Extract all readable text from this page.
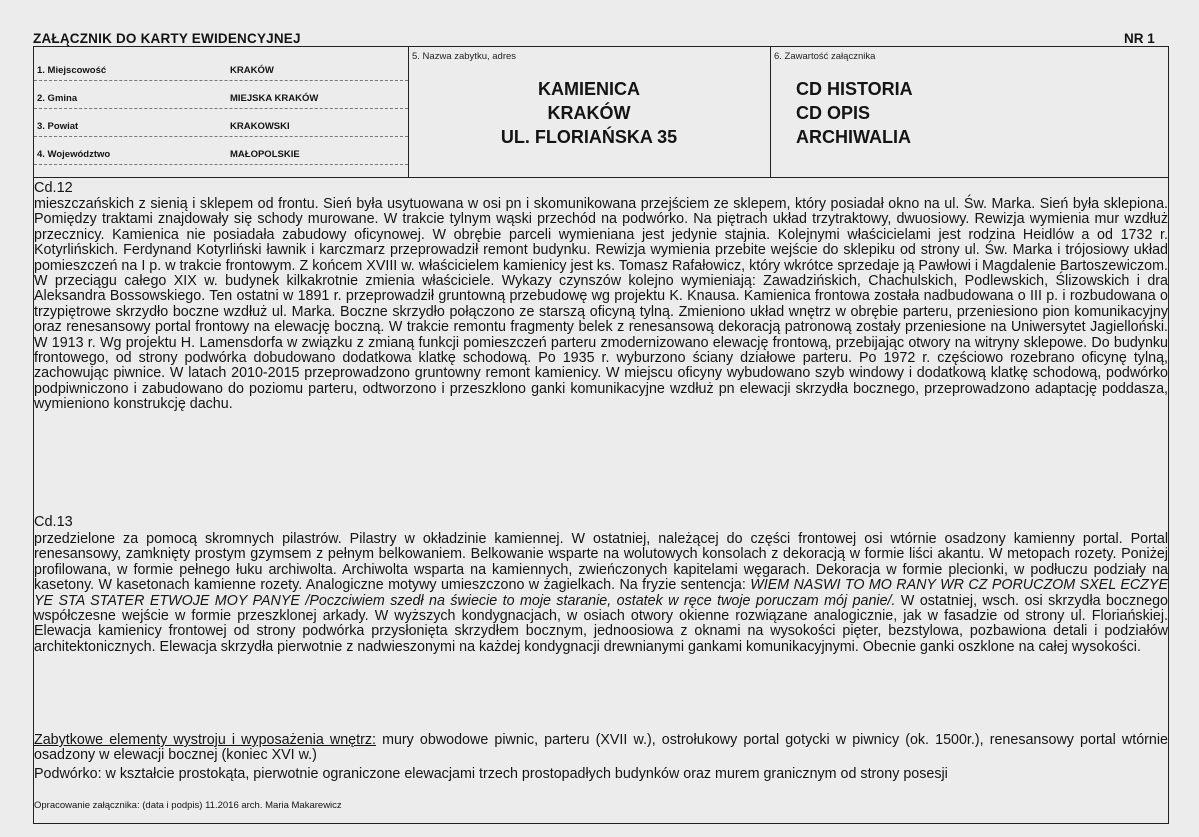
ZAŁĄCZNIK DO KARTY EWIDENCYJNEJ	NR 1
1. Miejscowość	KRAKÓW
2. Gmina	MIEJSKA KRAKÓW
3. Powiat	KRAKOWSKI
4. Województwo	MAŁOPOLSKIE
5. Nazwa zabytku, adres
KAMIENICA
KRAKÓW
UL. FLORIAŃSKA 35
6. Zawartość załącznika
CD HISTORIA
CD OPIS
ARCHIWALIA
Cd.12
mieszczańskich z sienią i sklepem od frontu. Sień była usytuowana w osi pn i skomunikowana przejściem ze sklepem, który posiadał okno na ul. Św. Marka. Sień była sklepiona. Pomiędzy traktami znajdowały się schody murowane. W trakcie tylnym wąski przechód na podwórko. Na piętrach układ trzytraktowy, dwuosiowy. Rewizja wymienia mur wzdłuż przecznicy. Kamienica nie posiadała zabudowy oficynowej. W obrębie parceli wymieniana jest jedynie stajnia. Kolejnymi właścicielami jest rodzina Heidlów a od 1732 r. Kotyrlińskich. Ferdynand Kotyrliński ławnik i karczmarz przeprowadził remont budynku. Rewizja wymienia przebite wejście do sklepiku od strony ul. Św. Marka i trójosiowy układ pomieszczeń na I p. w trakcie frontowym. Z końcem XVIII w. właścicielem kamienicy jest ks. Tomasz Rafałowicz, który wkrótce sprzedaje ją Pawłowi i Magdalenie Bartoszewiczom. W przeciągu całego XIX w. budynek kilkakrotnie zmienia właściciele. Wykazy czynszów kolejno wymieniają: Zawadzińskich, Chachulskich, Podlewskich, Ślizowskich i dra Aleksandra Bossowskiego. Ten ostatni w 1891 r. przeprowadził gruntowną przebudowę wg projektu K. Knausa. Kamienica frontowa została nadbudowana o III p. i rozbudowana o trzypiętrowe skrzydło boczne wzdłuż ul. Marka. Boczne skrzydło połączono ze starszą oficyną tylną. Zmieniono układ wnętrz w obrębie parteru, przeniesiono pion komunikacyjny oraz renesansowy portal frontowy na elewację boczną. W trakcie remontu fragmenty belek z renesansową dekoracją patronową zostały przeniesione na Uniwersytet Jagielloński. W 1913 r. Wg projektu H. Lamensdorfa w związku z zmianą funkcji pomieszczeń parteru zmodernizowano elewację frontową, przebijając otwory na witryny sklepowe. Do budynku frontowego, od strony podwórka dobudowano dodatkowa klatkę schodową. Po 1935 r. wyburzono ściany działowe parteru. Po 1972 r. częściowo rozebrano oficynę tylną, zachowując piwnice. W latach 2010-2015 przeprowadzono gruntowny remont kamienicy. W miejscu oficyny wybudowano szyb windowy i dodatkową klatkę schodową, podwórko podpiwniczono i zabudowano do poziomu parteru, odtworzono i przeszklono ganki komunikacyjne wzdłuż pn elewacji skrzydła bocznego, przeprowadzono adaptację poddasza, wymieniono konstrukcję dachu.
Cd.13
przedzielone za pomocą skromnych pilastrów. Pilastry w okładzinie kamiennej. W ostatniej, należącej do części frontowej osi wtórnie osadzony kamienny portal. Portal renesansowy, zamknięty prostym gzymsem z pełnym belkowaniem. Belkowanie wsparte na wolutowych konsolach z dekoracją w formie liści akantu. W metopach rozety. Poniżej profilowana, w formie pełnego łuku archiwolta. Archiwolta wsparta na kamiennych, zwieńczonych kapitelami węgarach. Dekoracja w formie plecionki, w podłuczu podziały na kasetony. W kasetonach kamienne rozety. Analogiczne motywy umieszczono w żagielkach. Na fryzie sentencja: WIEM NASWI TO MO RANY WR CZ PORUCZOM SXEL ECZYE YE STA STATER ETWOJE MOY PANYE /Poczciwiem szedł na świecie to moje staranie, ostatek w ręce twoje poruczam mój panie/. W ostatniej, wsch. osi skrzydła bocznego współczesne wejście w formie przeszklonej arkady. W wyższych kondygnacjach, w osiach otwory okienne rozwiązane analogicznie, jak w fasadzie od strony ul. Floriańskiej. Elewacja kamienicy frontowej od strony podwórka przysłonięta skrzydłem bocznym, jednoosiowa z oknami na wysokości pięter, bezstylowa, pozbawiona detali i podziałów architektonicznych. Elewacja skrzydła pierwotnie z nadwieszonymi na każdej kondygnacji drewnianymi gankami komunikacyjnymi. Obecnie ganki oszklone na całej wysokości.
Zabytkowe elementy wystroju i wyposażenia wnętrz: mury obwodowe piwnic, parteru (XVII w.), ostrołukowy portal gotycki w piwnicy (ok. 1500r.), renesansowy portal wtórnie osadzony w elewacji bocznej (koniec XVI w.)
Podwórko: w kształcie prostokąta, pierwotnie ograniczone elewacjami trzech prostopadłych budynków oraz murem granicznym od strony posesji
Opracowanie załącznika: (data i podpis) 11.2016 arch. Maria Makarewicz
